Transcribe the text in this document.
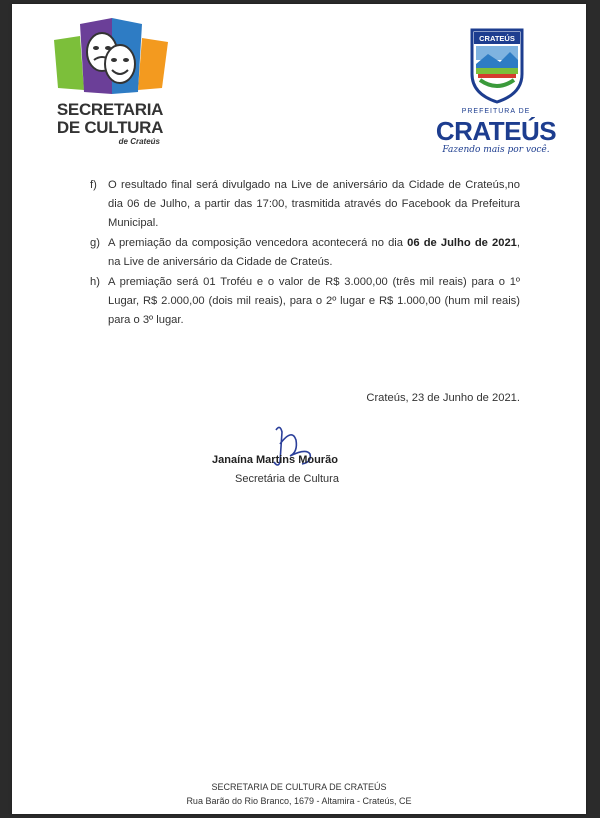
SECRETARIA
DE CULTURA
de Crateús
CRATEÚS
PREFEITURA DE
CRATEÚS
Fazendo mais por você.

f) O resultado final será divulgado na Live de aniversário da Cidade de Crateús,no dia 06 de Julho, a partir das 17:00, trasmitida através do Facebook da Prefeitura Municipal.

g) A premiação da composição vencedora acontecerá no dia 06 de Julho de 2021, na Live de aniversário da Cidade de Crateús.

h) A premiação será 01 Troféu e o valor de R$ 3.000,00 (três mil reais) para o 1º Lugar, R$ 2.000,00 (dois mil reais), para o 2º lugar e R$ 1.000,00 (hum mil reais) para o 3º lugar.

Crateús, 23 de Junho de 2021.
Janaína Martins Mourão
Secretária de Cultura
SECRETARIA DE CULTURA DE CRATEÚS
Rua Barão do Rio Branco, 1679 - Altamira - Crateús, CE
